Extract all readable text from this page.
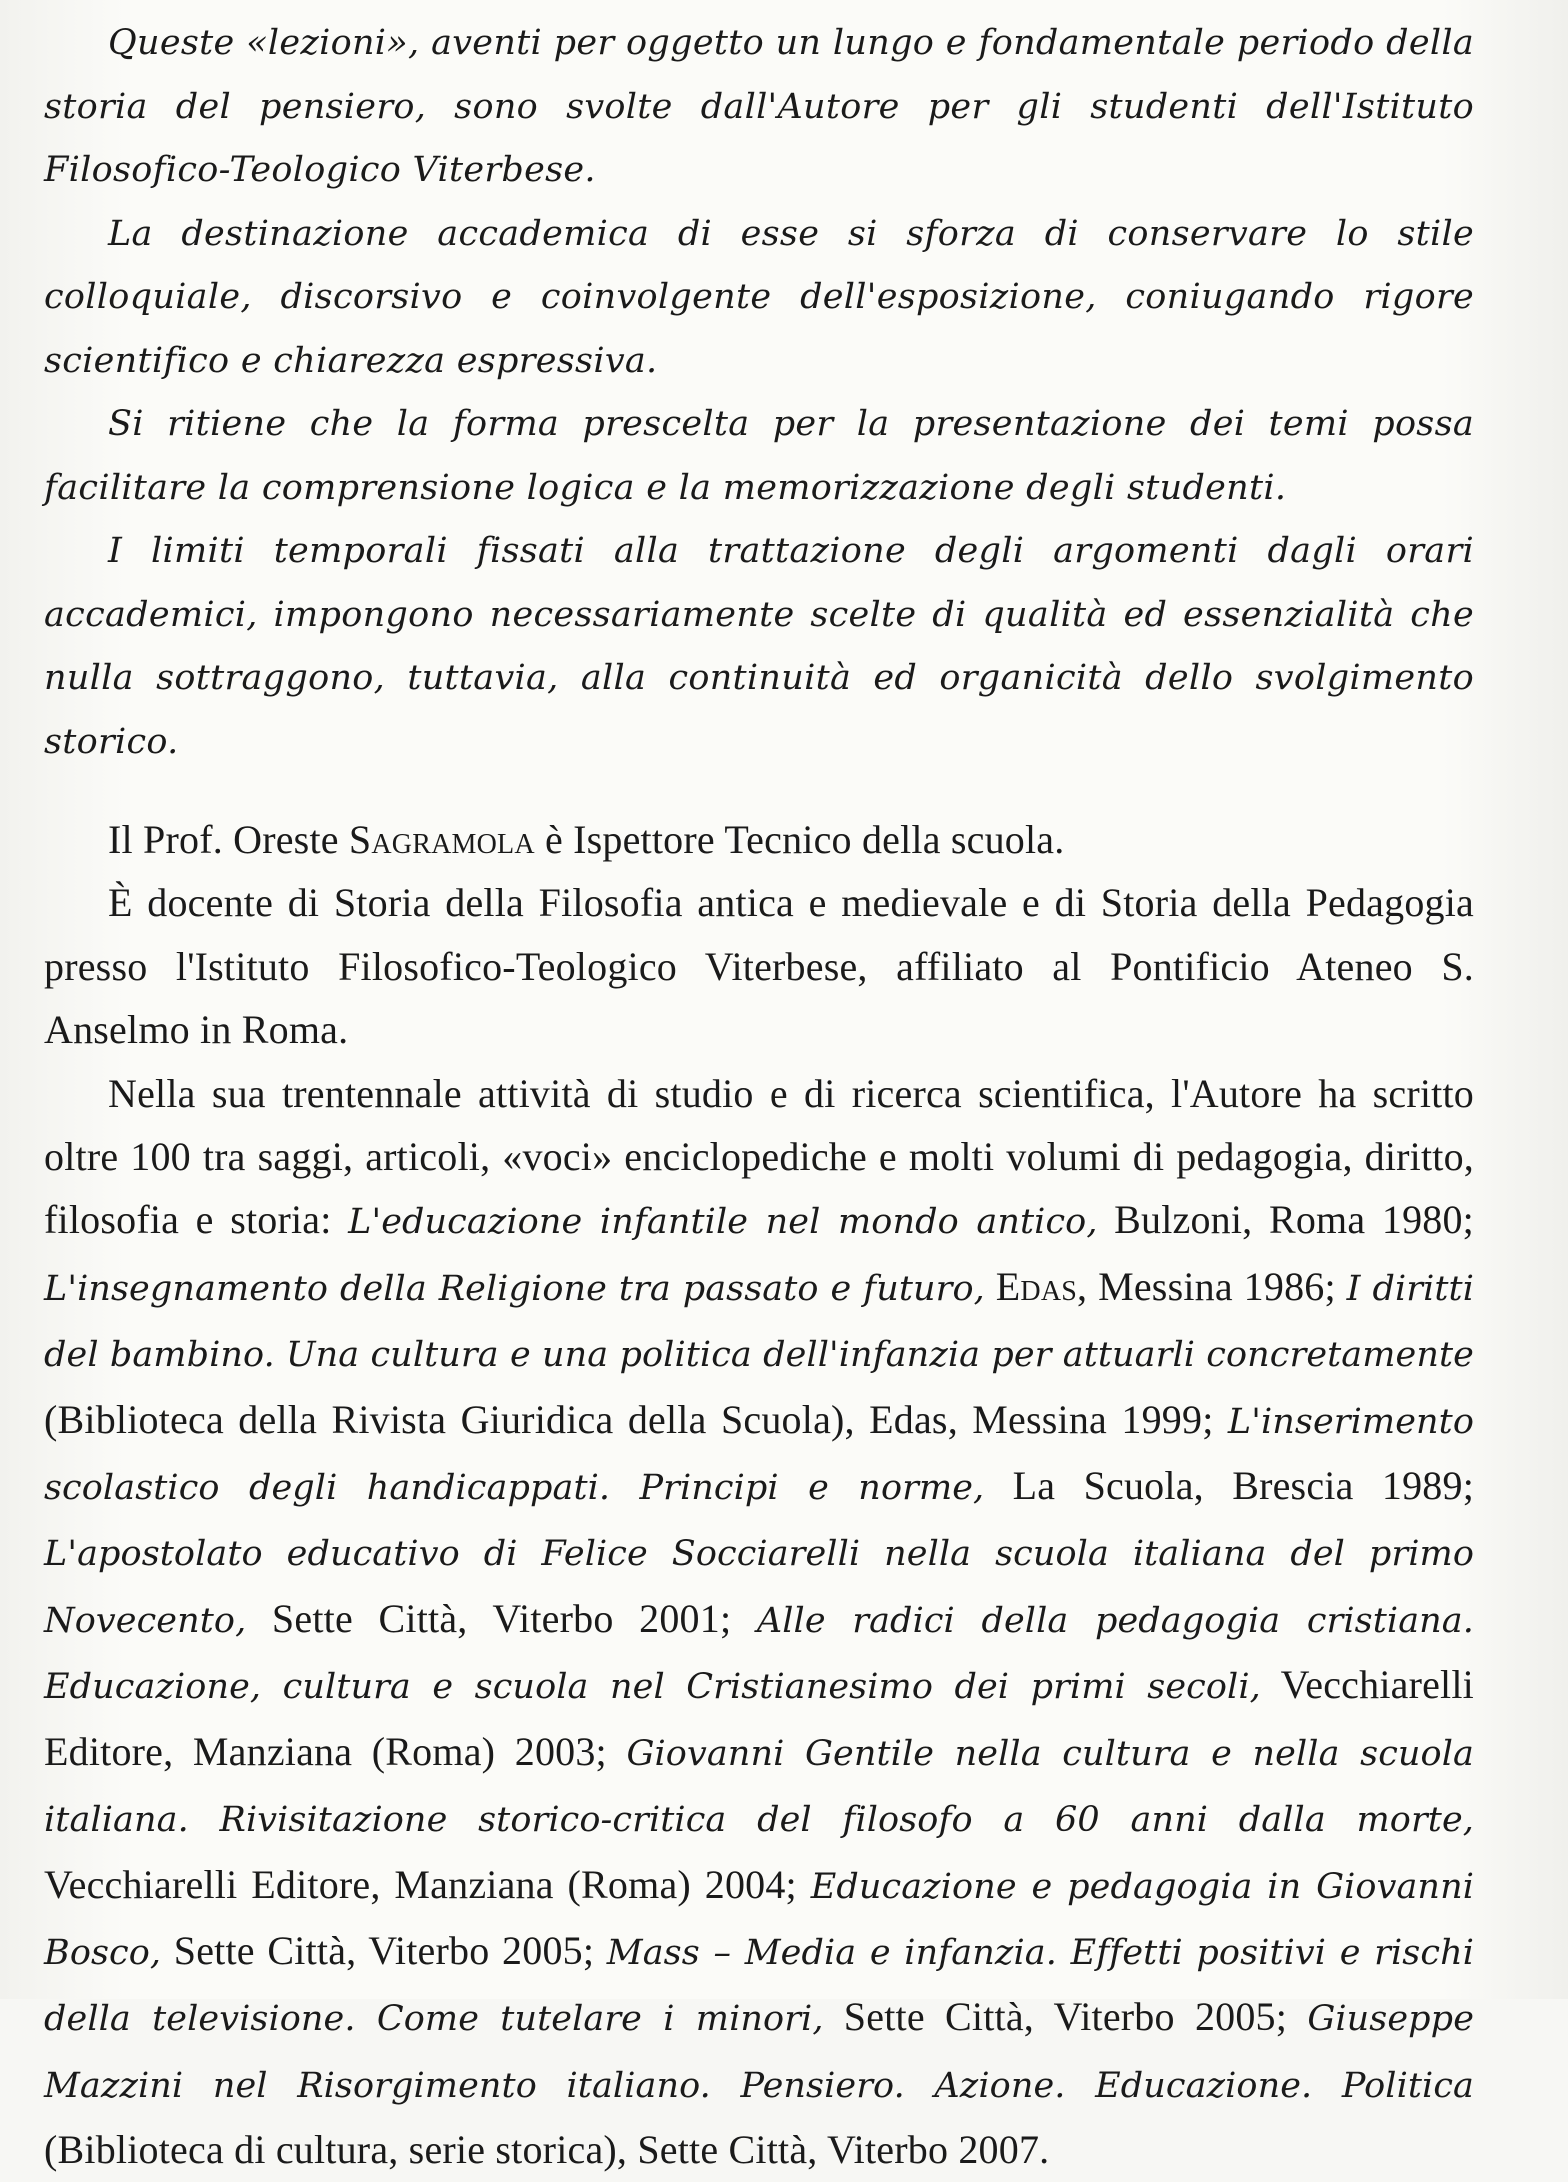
Queste «lezioni», aventi per oggetto un lungo e fondamentale periodo della storia del pensiero, sono svolte dall'Autore per gli studenti dell'Istituto Filosofico-Teologico Viterbese.

La destinazione accademica di esse si sforza di conservare lo stile colloquiale, discorsivo e coinvolgente dell'esposizione, coniugando rigore scientifico e chiarezza espressiva.

Si ritiene che la forma prescelta per la presentazione dei temi possa facilitare la comprensione logica e la memorizzazione degli studenti.

I limiti temporali fissati alla trattazione degli argomenti dagli orari accademici, impongono necessariamente scelte di qualità ed essenzialità che nulla sottraggono, tuttavia, alla continuità ed organicità dello svolgimento storico.

Il Prof. Oreste Sagramola è Ispettore Tecnico della scuola.

È docente di Storia della Filosofia antica e medievale e di Storia della Pedagogia presso l'Istituto Filosofico-Teologico Viterbese, affiliato al Pontificio Ateneo S. Anselmo in Roma.

Nella sua trentennale attività di studio e di ricerca scientifica, l'Autore ha scritto oltre 100 tra saggi, articoli, «voci» enciclopediche e molti volumi di pedagogia, diritto, filosofia e storia: L'educazione infantile nel mondo antico, Bulzoni, Roma 1980; L'insegnamento della Religione tra passato e futuro, Edas, Messina 1986; I diritti del bambino. Una cultura e una politica dell'infanzia per attuarli concretamente (Biblioteca della Rivista Giuridica della Scuola), Edas, Messina 1999; L'inserimento scolastico degli handicappati. Principi e norme, La Scuola, Brescia 1989; L'apostolato educativo di Felice Socciarelli nella scuola italiana del primo Novecento, Sette Città, Viterbo 2001; Alle radici della pedagogia cristiana. Educazione, cultura e scuola nel Cristianesimo dei primi secoli, Vecchiarelli Editore, Manziana (Roma) 2003; Giovanni Gentile nella cultura e nella scuola italiana. Rivisitazione storico-critica del filosofo a 60 anni dalla morte, Vecchiarelli Editore, Manziana (Roma) 2004; Educazione e pedagogia in Giovanni Bosco, Sette Città, Viterbo 2005; Mass – Media e infanzia. Effetti positivi e rischi della televisione. Come tutelare i minori, Sette Città, Viterbo 2005; Giuseppe Mazzini nel Risorgimento italiano. Pensiero. Azione. Educazione. Politica (Biblioteca di cultura, serie storica), Sette Città, Viterbo 2007.
